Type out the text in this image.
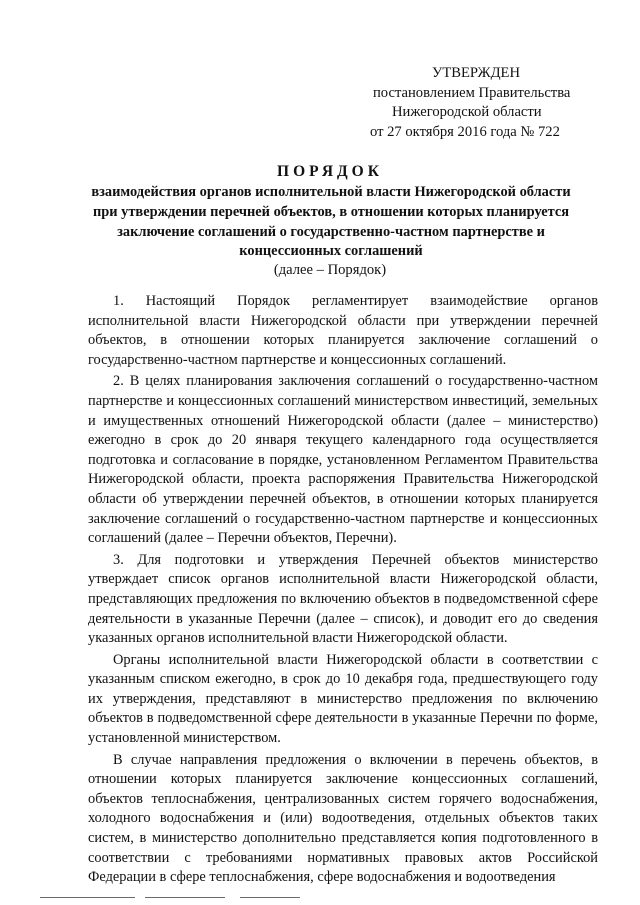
УТВЕРЖДЕН
постановлением Правительства
Нижегородской области
от 27 октября 2016 года № 722
ПОРЯДОК
взаимодействия органов исполнительной власти Нижегородской области
при утверждении перечней объектов, в отношении которых планируется
заключение соглашений о государственно-частном партнерстве и
концессионных соглашений
(далее – Порядок)

1. Настоящий Порядок регламентирует взаимодействие органов исполнительной власти Нижегородской области при утверждении перечней объектов, в отношении которых планируется заключение соглашений о государственно-частном партнерстве и концессионных соглашений.

2. В целях планирования заключения соглашений о государственно-частном партнерстве и концессионных соглашений министерством инвестиций, земельных и имущественных отношений Нижегородской области (далее – министерство) ежегодно в срок до 20 января текущего календарного года осуществляется подготовка и согласование в порядке, установленном Регламентом Правительства Нижегородской области, проекта распоряжения Правительства Нижегородской области об утверждении перечней объектов, в отношении которых планируется заключение соглашений о государственно-частном партнерстве и концессионных соглашений (далее – Перечни объектов, Перечни).

3. Для подготовки и утверждения Перечней объектов министерство утверждает список органов исполнительной власти Нижегородской области, представляющих предложения по включению объектов в подведомственной сфере деятельности в указанные Перечни (далее – список), и доводит его до сведения указанных органов исполнительной власти Нижегородской области.

Органы исполнительной власти Нижегородской области в соответствии с указанным списком ежегодно, в срок до 10 декабря года, предшествующего году их утверждения, представляют в министерство предложения по включению объектов в подведомственной сфере деятельности в указанные Перечни по форме, установленной министерством.

В случае направления предложения о включении в перечень объектов, в отношении которых планируется заключение концессионных соглашений, объектов теплоснабжения, централизованных систем горячего водоснабжения, холодного водоснабжения и (или) водоотведения, отдельных объектов таких систем, в министерство дополнительно представляется копия подготовленного в соответствии с требованиями нормативных правовых актов Российской Федерации в сфере теплоснабжения, сфере водоснабжения и водоотведения
